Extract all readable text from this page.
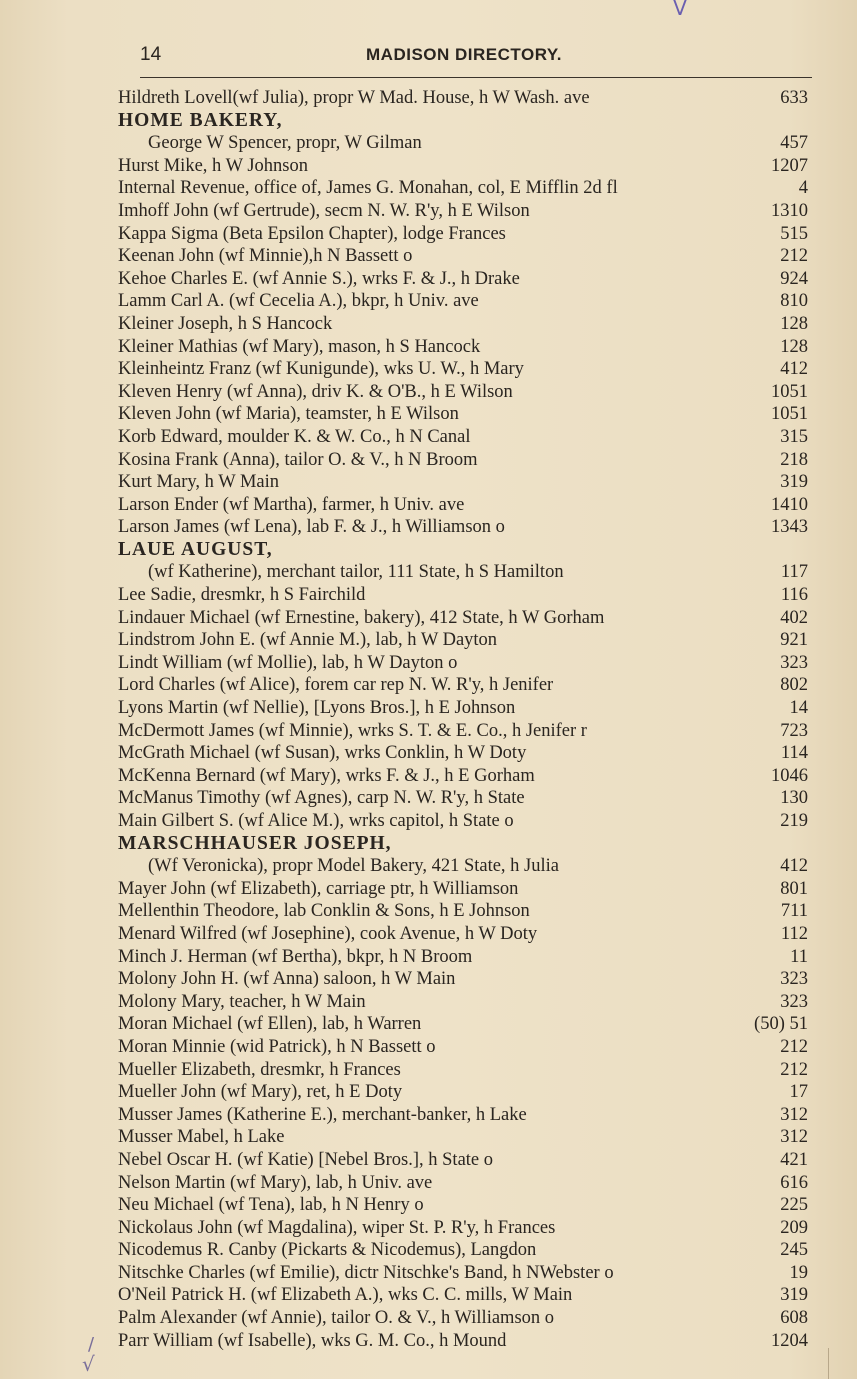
V
14	MADISON DIRECTORY.
Hildreth Lovell(wf Julia), propr W Mad. House, h W Wash. ave	633
HOME BAKERY,
George W Spencer, propr, W Gilman	457
Hurst Mike, h W Johnson	1207
Internal Revenue, office of, James G. Monahan, col, E Mifflin 2d fl	4
Imhoff John (wf Gertrude), secm N. W. R'y, h E Wilson	1310
Kappa Sigma (Beta Epsilon Chapter), lodge Frances	515
Keenan John (wf Minnie),h N Bassett o	212
Kehoe Charles E. (wf Annie S.), wrks F. & J., h Drake	924
Lamm Carl A. (wf Cecelia A.), bkpr, h Univ. ave	810
Kleiner Joseph, h S Hancock	128
Kleiner Mathias (wf Mary), mason, h S Hancock	128
Kleinheintz Franz (wf Kunigunde), wks U. W., h Mary	412
Kleven Henry (wf Anna), driv K. & O'B., h E Wilson	1051
Kleven John (wf Maria), teamster, h E Wilson	1051
Korb Edward, moulder K. & W. Co., h N Canal	315
Kosina Frank (Anna), tailor O. & V., h N Broom	218
Kurt Mary, h W Main	319
Larson Ender (wf Martha), farmer, h Univ. ave	1410
Larson James (wf Lena), lab F. & J., h Williamson o	1343
LAUE AUGUST,
(wf Katherine), merchant tailor, 111 State, h S Hamilton	117
Lee Sadie, dresmkr, h S Fairchild	116
Lindauer Michael (wf Ernestine, bakery), 412 State, h W Gorham	402
Lindstrom John E. (wf Annie M.), lab, h W Dayton	921
Lindt William (wf Mollie), lab, h W Dayton o	323
Lord Charles (wf Alice), forem car rep N. W. R'y, h Jenifer	802
Lyons Martin (wf Nellie), [Lyons Bros.], h E Johnson	14
McDermott James (wf Minnie), wrks S. T. & E. Co., h Jenifer r	723
McGrath Michael (wf Susan), wrks Conklin, h W Doty	114
McKenna Bernard (wf Mary), wrks F. & J., h E Gorham	1046
McManus Timothy (wf Agnes), carp N. W. R'y, h State	130
Main Gilbert S. (wf Alice M.), wrks capitol, h State o	219
MARSCHHAUSER JOSEPH,
(Wf Veronicka), propr Model Bakery, 421 State, h Julia	412
Mayer John (wf Elizabeth), carriage ptr, h Williamson	801
Mellenthin Theodore, lab Conklin & Sons, h E Johnson	711
Menard Wilfred (wf Josephine), cook Avenue, h W Doty	112
Minch J. Herman (wf Bertha), bkpr, h N Broom	11
Molony John H. (wf Anna) saloon, h W Main	323
Molony Mary, teacher, h W Main	323
Moran Michael (wf Ellen), lab, h Warren	(50) 51
Moran Minnie (wid Patrick), h N Bassett o	212
Mueller Elizabeth, dresmkr, h Frances	212
Mueller John (wf Mary), ret, h E Doty	17
Musser James (Katherine E.), merchant-banker, h Lake	312
Musser Mabel, h Lake	312
Nebel Oscar H. (wf Katie) [Nebel Bros.], h State o	421
Nelson Martin (wf Mary), lab, h Univ. ave	616
Neu Michael (wf Tena), lab, h N Henry o	225
Nickolaus John (wf Magdalina), wiper St. P. R'y, h Frances	209
Nicodemus R. Canby (Pickarts & Nicodemus), Langdon	245
Nitschke Charles (wf Emilie), dictr Nitschke's Band, h NWebster o	19
O'Neil Patrick H. (wf Elizabeth A.), wks C. C. mills, W Main	319
Palm Alexander (wf Annie), tailor O. & V., h Williamson o	608
Parr William (wf Isabelle), wks G. M. Co., h Mound	1204
/
√
